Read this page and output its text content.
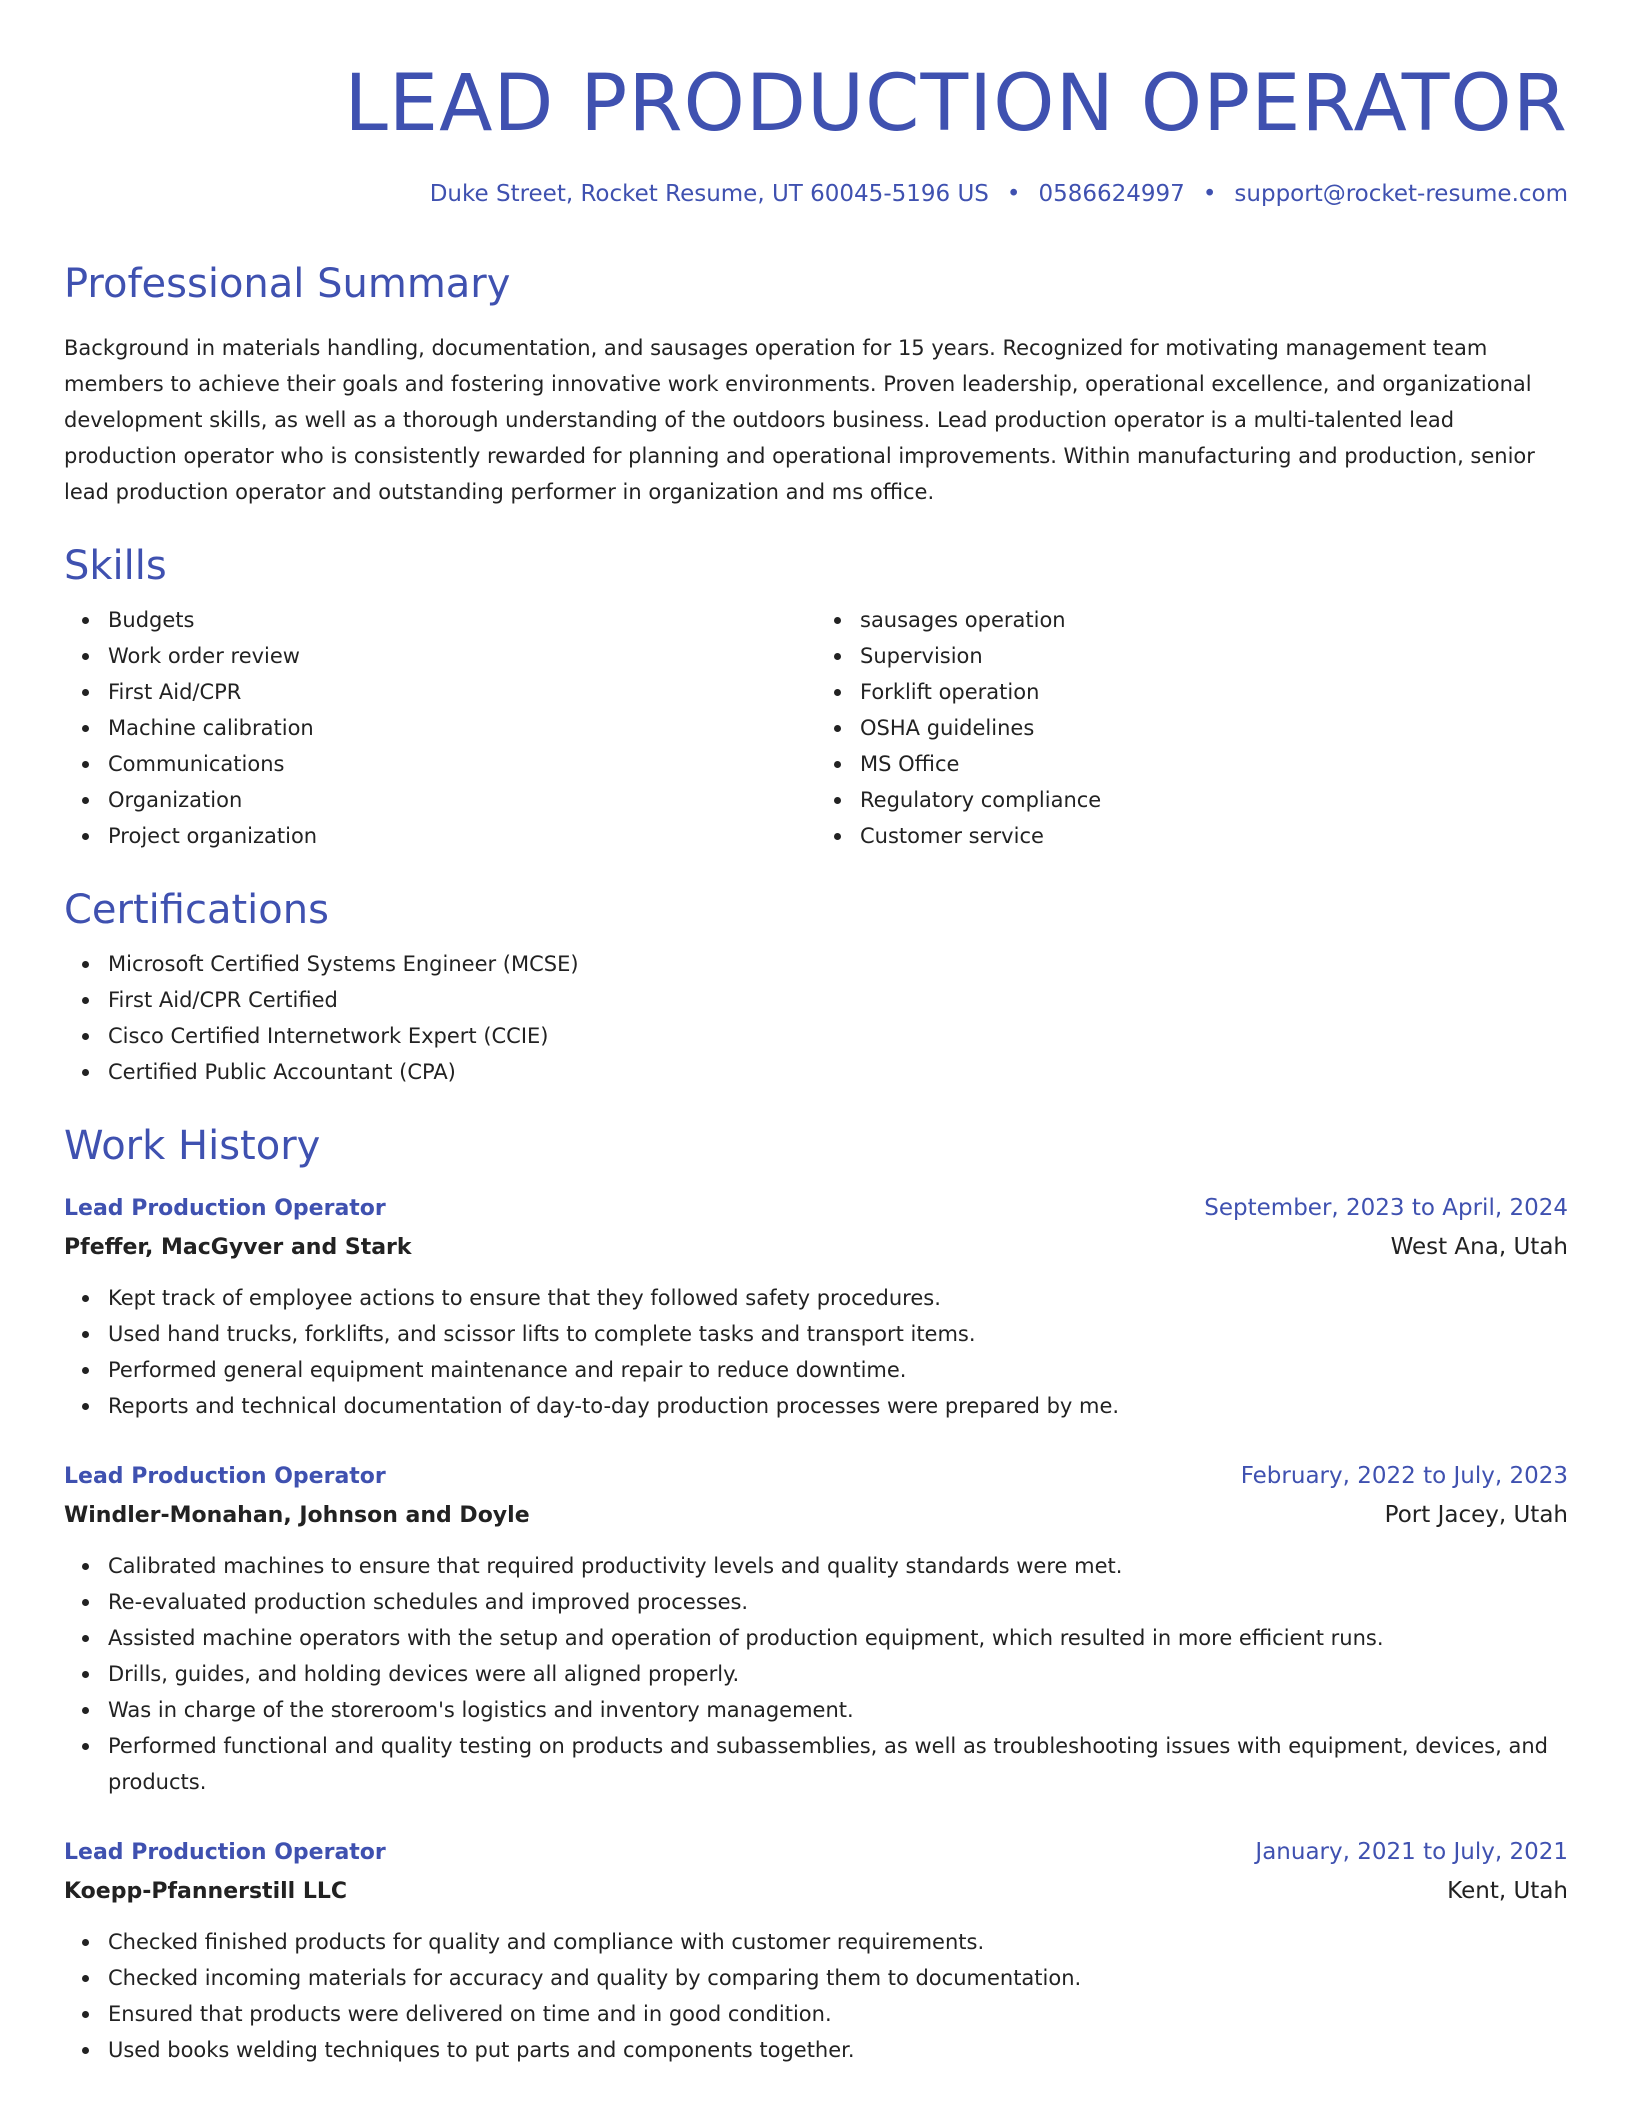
LEAD PRODUCTION OPERATOR
Duke Street, Rocket Resume, UT 60045-5196 US • 0586624997 • support@rocket-resume.com
Professional Summary

Background in materials handling, documentation, and sausages operation for 15 years. Recognized for motivating management team members to achieve their goals and fostering innovative work environments. Proven leadership, operational excellence, and organizational development skills, as well as a thorough understanding of the outdoors business. Lead production operator is a multi-talented lead production operator who is consistently rewarded for planning and operational improvements. Within manufacturing and production, senior lead production operator and outstanding performer in organization and ms office.

Skills
Budgets
Work order review
First Aid/CPR
Machine calibration
Communications
Organization
Project organization
sausages operation
Supervision
Forklift operation
OSHA guidelines
MS Office
Regulatory compliance
Customer service
Certifications
Microsoft Certified Systems Engineer (MCSE)
First Aid/CPR Certified
Cisco Certified Internetwork Expert (CCIE)
Certified Public Accountant (CPA)
Work History
Lead Production Operator	September, 2023 to April, 2024
Pfeffer, MacGyver and Stark	West Ana, Utah
Kept track of employee actions to ensure that they followed safety procedures.
Used hand trucks, forklifts, and scissor lifts to complete tasks and transport items.
Performed general equipment maintenance and repair to reduce downtime.
Reports and technical documentation of day-to-day production processes were prepared by me.
Lead Production Operator	February, 2022 to July, 2023
Windler-Monahan, Johnson and Doyle	Port Jacey, Utah
Calibrated machines to ensure that required productivity levels and quality standards were met.
Re-evaluated production schedules and improved processes.
Assisted machine operators with the setup and operation of production equipment, which resulted in more efficient runs.
Drills, guides, and holding devices were all aligned properly.
Was in charge of the storeroom's logistics and inventory management.
Performed functional and quality testing on products and subassemblies, as well as troubleshooting issues with equipment, devices, and products.
Lead Production Operator	January, 2021 to July, 2021
Koepp-Pfannerstill LLC	Kent, Utah
Checked finished products for quality and compliance with customer requirements.
Checked incoming materials for accuracy and quality by comparing them to documentation.
Ensured that products were delivered on time and in good condition.
Used books welding techniques to put parts and components together.
